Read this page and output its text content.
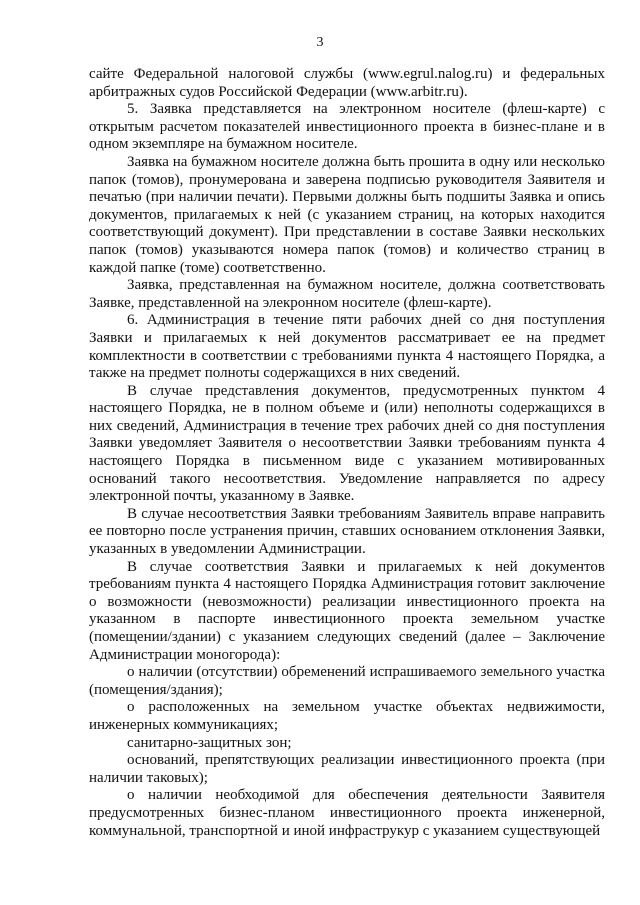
3

сайте Федеральной налоговой службы (www.egrul.nalog.ru) и федеральных арбитражных судов Российской Федерации (www.arbitr.ru).

5. Заявка представляется на электронном носителе (флеш-карте) с открытым расчетом показателей инвестиционного проекта в бизнес-плане и в одном экземпляре на бумажном носителе.

Заявка на бумажном носителе должна быть прошита в одну или несколько папок (томов), пронумерована и заверена подписью руководителя Заявителя и печатью (при наличии печати). Первыми должны быть подшиты Заявка и опись документов, прилагаемых к ней (с указанием страниц, на которых находится соответствующий документ). При представлении в составе Заявки нескольких папок (томов) указываются номера папок (томов) и количество страниц в каждой папке (томе) соответственно.

Заявка, представленная на бумажном носителе, должна соответствовать Заявке, представленной на элекронном носителе (флеш-карте).

6. Администрация в течение пяти рабочих дней со дня поступления Заявки и прилагаемых к ней документов рассматривает ее на предмет комплектности в соответствии с требованиями пункта 4 настоящего Порядка, а также на предмет полноты содержащихся в них сведений.

В случае представления документов, предусмотренных пунктом 4 настоящего Порядка, не в полном объеме и (или) неполноты содержащихся в них сведений, Администрация в течение трех рабочих дней со дня поступления Заявки уведомляет Заявителя о несоответствии Заявки требованиям пункта 4 настоящего Порядка в письменном виде с указанием мотивированных оснований такого несоответствия. Уведомление направляется по адресу электронной почты, указанному в Заявке.

В случае несоответствия Заявки требованиям Заявитель вправе направить ее повторно после устранения причин, ставших основанием отклонения Заявки, указанных в уведомлении Администрации.

В случае соответствия Заявки и прилагаемых к ней документов требованиям пункта 4 настоящего Порядка Администрация готовит заключение о возможности (невозможности) реализации инвестиционного проекта на указанном в паспорте инвестиционного проекта земельном участке (помещении/здании) с указанием следующих сведений (далее – Заключение Администрации моногорода):

о наличии (отсутствии) обременений испрашиваемого земельного участка (помещения/здания);

о расположенных на земельном участке объектах недвижимости, инженерных коммуникациях;

санитарно-защитных зон;

оснований, препятствующих реализации инвестиционного проекта (при наличии таковых);

о наличии необходимой для обеспечения деятельности Заявителя предусмотренных бизнес-планом инвестиционного проекта инженерной, коммунальной, транспортной и иной инфраструкур с указанием существующей
